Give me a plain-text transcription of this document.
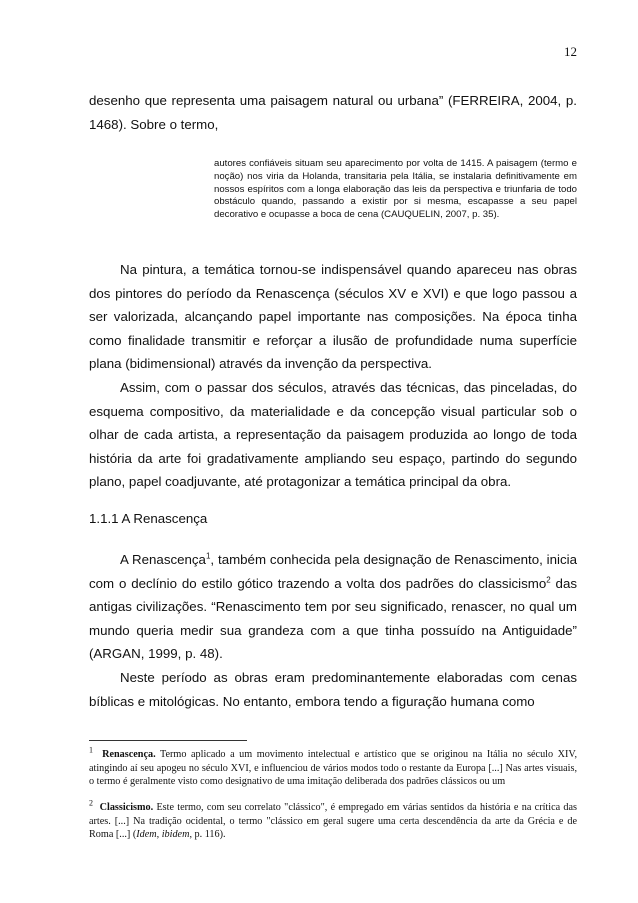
12

desenho que representa uma paisagem natural ou urbana” (FERREIRA, 2004, p. 1468). Sobre o termo,

autores confiáveis situam seu aparecimento por volta de 1415. A paisagem (termo e noção) nos viria da Holanda, transitaria pela Itália, se instalaria definitivamente em nossos espíritos com a longa elaboração das leis da perspectiva e triunfaria de todo obstáculo quando, passando a existir por si mesma, escapasse a seu papel decorativo e ocupasse a boca de cena (CAUQUELIN, 2007, p. 35).

Na pintura, a temática tornou-se indispensável quando apareceu nas obras dos pintores do período da Renascença (séculos XV e XVI) e que logo passou a ser valorizada, alcançando papel importante nas composições. Na época tinha como finalidade transmitir e reforçar a ilusão de profundidade numa superfície plana (bidimensional) através da invenção da perspectiva.

Assim, com o passar dos séculos, através das técnicas, das pinceladas, do esquema compositivo, da materialidade e da concepção visual particular sob o olhar de cada artista, a representação da paisagem produzida ao longo de toda história da arte foi gradativamente ampliando seu espaço, partindo do segundo plano, papel coadjuvante, até protagonizar a temática principal da obra.

1.1.1 A Renascença

A Renascença$^1$, também conhecida pela designação de Renascimento, inicia com o declínio do estilo gótico trazendo a volta dos padrões do classicismo$^2$ das antigas civilizações. “Renascimento tem por seu significado, renascer, no qual um mundo queria medir sua grandeza com a que tinha possuído na Antiguidade” (ARGAN, 1999, p. 48).

Neste período as obras eram predominantemente elaboradas com cenas bíblicas e mitológicas. No entanto, embora tendo a figuração humana como

$^1$ Renascença. Termo aplicado a um movimento intelectual e artístico que se originou na Itália no século XIV, atingindo aí seu apogeu no século XVI, e influenciou de vários modos todo o restante da Europa [...] Nas artes visuais, o termo é geralmente visto como designativo de uma imitação deliberada dos padrões clássicos ou um

$^2$ Classicismo. Este termo, com seu correlato "clássico", é empregado em várias sentidos da história e na crítica das artes. [...] Na tradição ocidental, o termo "clássico em geral sugere uma certa descendência da arte da Grécia e de Roma [...] (Idem, ibidem, p. 116).
